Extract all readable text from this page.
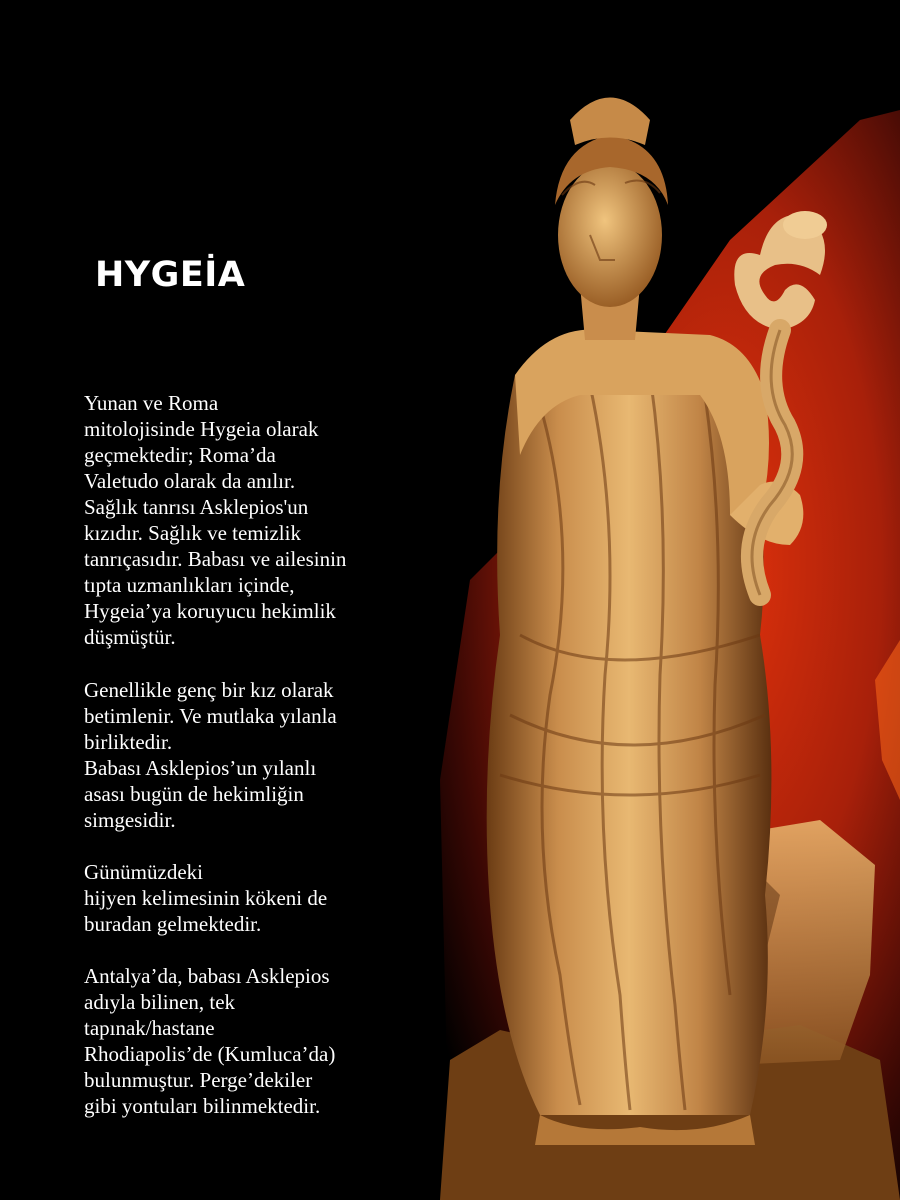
HYGEİA
Yunan ve Roma
mitolojisinde Hygeia olarak
geçmektedir; Roma’da
Valetudo olarak da anılır.
Sağlık tanrısı Asklepios'un
kızıdır. Sağlık ve temizlik
tanrıçasıdır. Babası ve ailesinin
tıpta uzmanlıkları içinde,
Hygeia’ya koruyucu hekimlik
düşmüştür.
Genellikle genç bir kız olarak
betimlenir. Ve mutlaka yılanla
birliktedir.
Babası Asklepios’un yılanlı
asası bugün de hekimliğin
simgesidir.
Günümüzdeki
hijyen kelimesinin kökeni de
buradan gelmektedir.
Antalya’da, babası Asklepios
adıyla bilinen, tek
tapınak/hastane
Rhodiapolis’de (Kumluca’da)
bulunmuştur. Perge’dekiler
gibi yontuları bilinmektedir.
